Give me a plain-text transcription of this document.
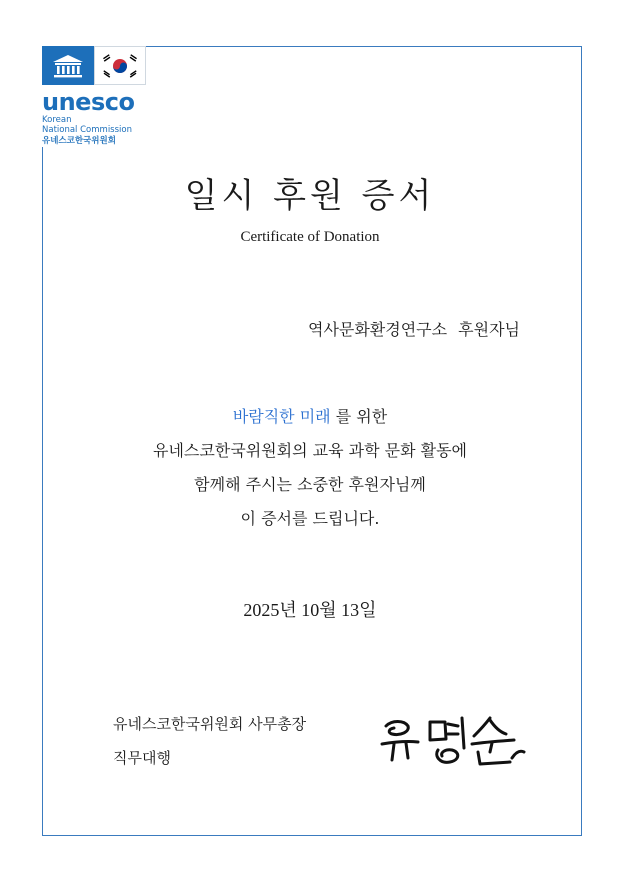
unesco
Korean
National Commission
유네스코한국위원회
일시 후원 증서
Certificate of Donation
역사문화환경연구소 후원자님
바람직한 미래 를 위한
유네스코한국위원회의 교육 과학 문화 활동에
함께해 주시는 소중한 후원자님께
이 증서를 드립니다.
2025년 10월 13일
유네스코한국위원회 사무총장
직무대행
